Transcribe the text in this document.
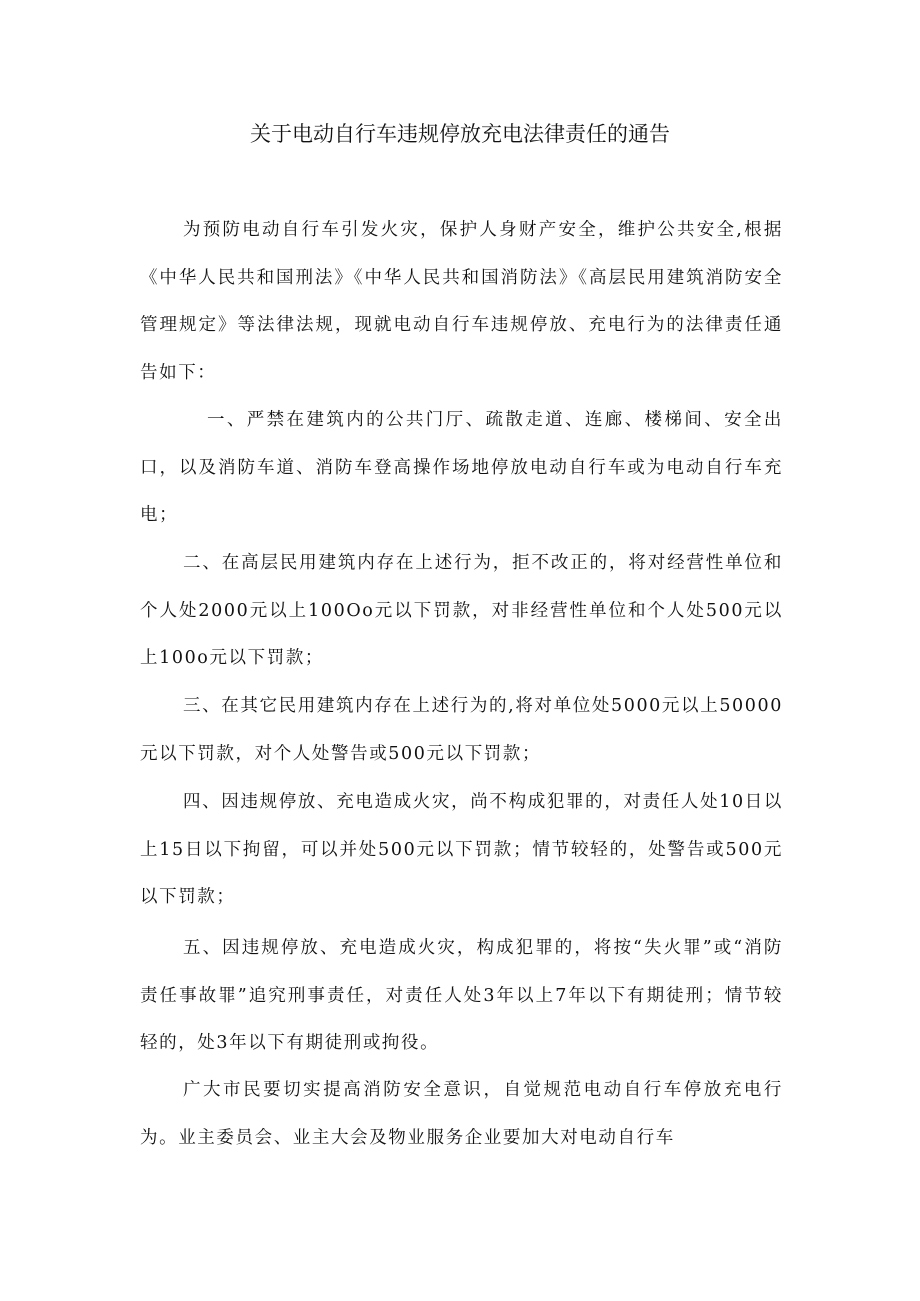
关于电动自行车违规停放充电法律责任的通告

为预防电动自行车引发火灾，保护人身财产安全，维护公共安全,根据《中华人民共和国刑法》《中华人民共和国消防法》《高层民用建筑消防安全管理规定》等法律法规，现就电动自行车违规停放、充电行为的法律责任通告如下：

一、严禁在建筑内的公共门厅、疏散走道、连廊、楼梯间、安全出口，以及消防车道、消防车登高操作场地停放电动自行车或为电动自行车充电；

二、在高层民用建筑内存在上述行为，拒不改正的，将对经营性单位和个人处2000元以上100Oo元以下罚款，对非经营性单位和个人处500元以上100o元以下罚款；

三、在其它民用建筑内存在上述行为的,将对单位处5000元以上50000元以下罚款，对个人处警告或500元以下罚款；

四、因违规停放、充电造成火灾，尚不构成犯罪的，对责任人处10日以上15日以下拘留，可以并处500元以下罚款；情节较轻的，处警告或500元以下罚款；

五、因违规停放、充电造成火灾，构成犯罪的，将按“失火罪”或“消防责任事故罪”追究刑事责任，对责任人处3年以上7年以下有期徒刑；情节较轻的，处3年以下有期徒刑或拘役。

广大市民要切实提高消防安全意识，自觉规范电动自行车停放充电行为。业主委员会、业主大会及物业服务企业要加大对电动自行车
